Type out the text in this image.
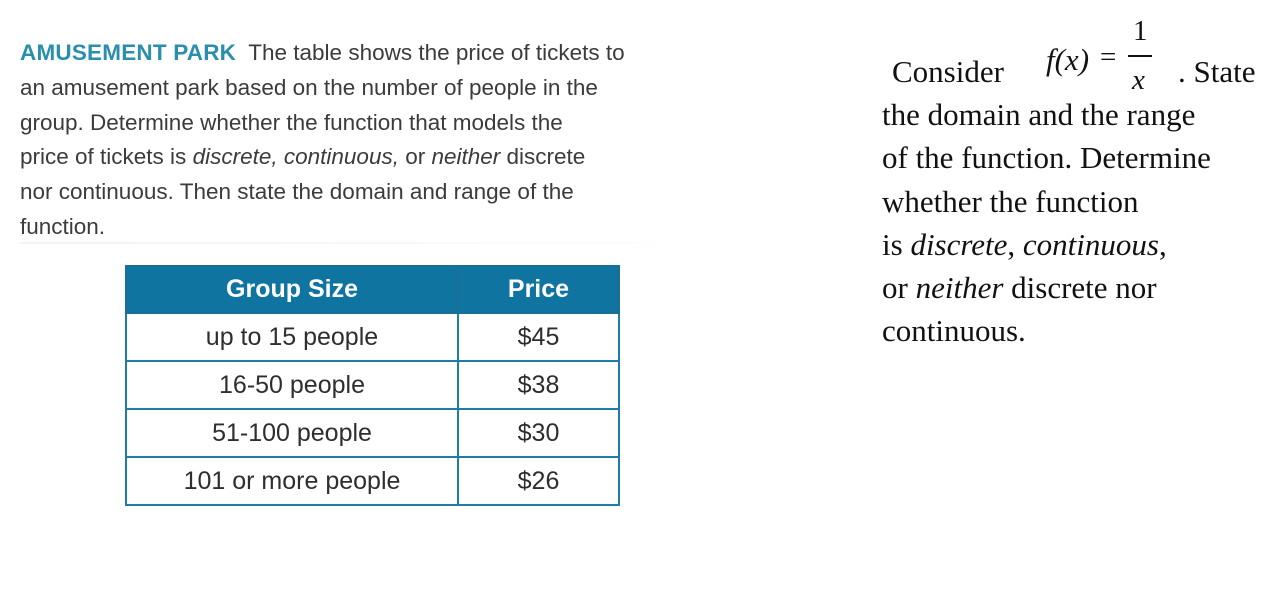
AMUSEMENT PARK The table shows the price of tickets to
an amusement park based on the number of people in the
group. Determine whether the function that models the
price of tickets is discrete, continuous, or neither discrete
nor continuous. Then state the domain and range of the
function.
Group Size	Price
up to 15 people	$45
16-50 people	$38
51-100 people	$30
101 or more people	$26
Consider f(x) =
1
x . State
the domain and the range
of the function. Determine
whether the function
is discrete, continuous,
or neither discrete nor
continuous.
